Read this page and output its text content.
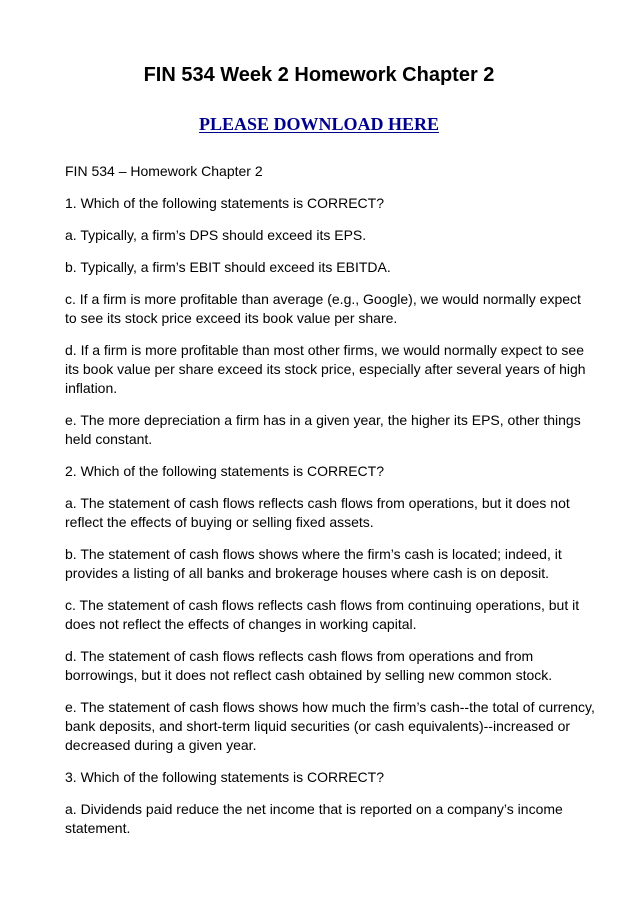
FIN 534 Week 2 Homework Chapter 2
PLEASE DOWNLOAD HERE

FIN 534 – Homework Chapter 2

1. Which of the following statements is CORRECT?

a. Typically, a firm’s DPS should exceed its EPS.

b. Typically, a firm’s EBIT should exceed its EBITDA.

c. If a firm is more profitable than average (e.g., Google), we would normally expect to see its stock price exceed its book value per share.

d. If a firm is more profitable than most other firms, we would normally expect to see its book value per share exceed its stock price, especially after several years of high inflation.

e. The more depreciation a firm has in a given year, the higher its EPS, other things held constant.

2. Which of the following statements is CORRECT?

a. The statement of cash flows reflects cash flows from operations, but it does not reflect the effects of buying or selling fixed assets.

b. The statement of cash flows shows where the firm’s cash is located; indeed, it provides a listing of all banks and brokerage houses where cash is on deposit.

c. The statement of cash flows reflects cash flows from continuing operations, but it does not reflect the effects of changes in working capital.

d. The statement of cash flows reflects cash flows from operations and from borrowings, but it does not reflect cash obtained by selling new common stock.

e. The statement of cash flows shows how much the firm’s cash--the total of currency, bank deposits, and short-term liquid securities (or cash equivalents)--increased or decreased during a given year.

3. Which of the following statements is CORRECT?

a. Dividends paid reduce the net income that is reported on a company’s income statement.
